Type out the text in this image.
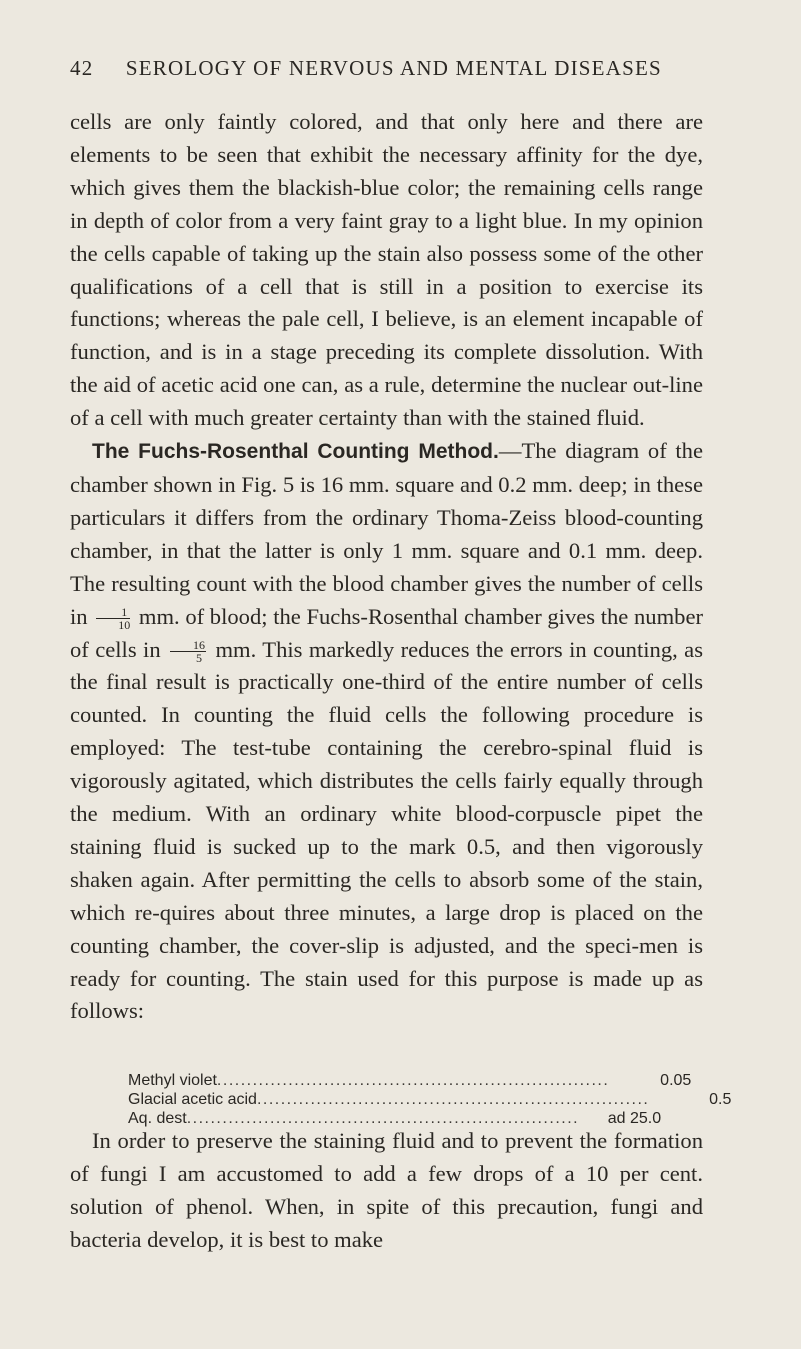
42 SEROLOGY OF NERVOUS AND MENTAL DISEASES

cells are only faintly colored, and that only here and there are elements to be seen that exhibit the necessary affinity for the dye, which gives them the blackish-blue color; the remaining cells range in depth of color from a very faint gray to a light blue. In my opinion the cells capable of taking up the stain also possess some of the other qualifications of a cell that is still in a position to exercise its functions; whereas the pale cell, I believe, is an element incapable of function, and is in a stage preceding its complete dissolution. With the aid of acetic acid one can, as a rule, determine the nuclear out-line of a cell with much greater certainty than with the stained fluid.

The Fuchs-Rosenthal Counting Method.—The diagram of the chamber shown in Fig. 5 is 16 mm. square and 0.2 mm. deep; in these particulars it differs from the ordinary Thoma-Zeiss blood-counting chamber, in that the latter is only 1 mm. square and 0.1 mm. deep. The resulting count with the blood chamber gives the number of cells in $\frac{1}{10}$ mm. of blood; the Fuchs-Rosenthal chamber gives the number of cells in $\frac{16}{5}$ mm. This markedly reduces the errors in counting, as the final result is practically one-third of the entire number of cells counted. In counting the fluid cells the following procedure is employed: The test-tube containing the cerebro-spinal fluid is vigorously agitated, which distributes the cells fairly equally through the medium. With an ordinary white blood-corpuscle pipet the staining fluid is sucked up to the mark 0.5, and then vigorously shaken again. After permitting the cells to absorb some of the stain, which re-quires about three minutes, a large drop is placed on the counting chamber, the cover-slip is adjusted, and the speci-men is ready for counting. The stain used for this purpose is made up as follows:

Methyl violet ..................................................................	0.05
Glacial acetic acid ..................................................................	0.5
Aq. dest ..................................................................	ad 25.0

In order to preserve the staining fluid and to prevent the formation of fungi I am accustomed to add a few drops of a 10 per cent. solution of phenol. When, in spite of this precaution, fungi and bacteria develop, it is best to make
